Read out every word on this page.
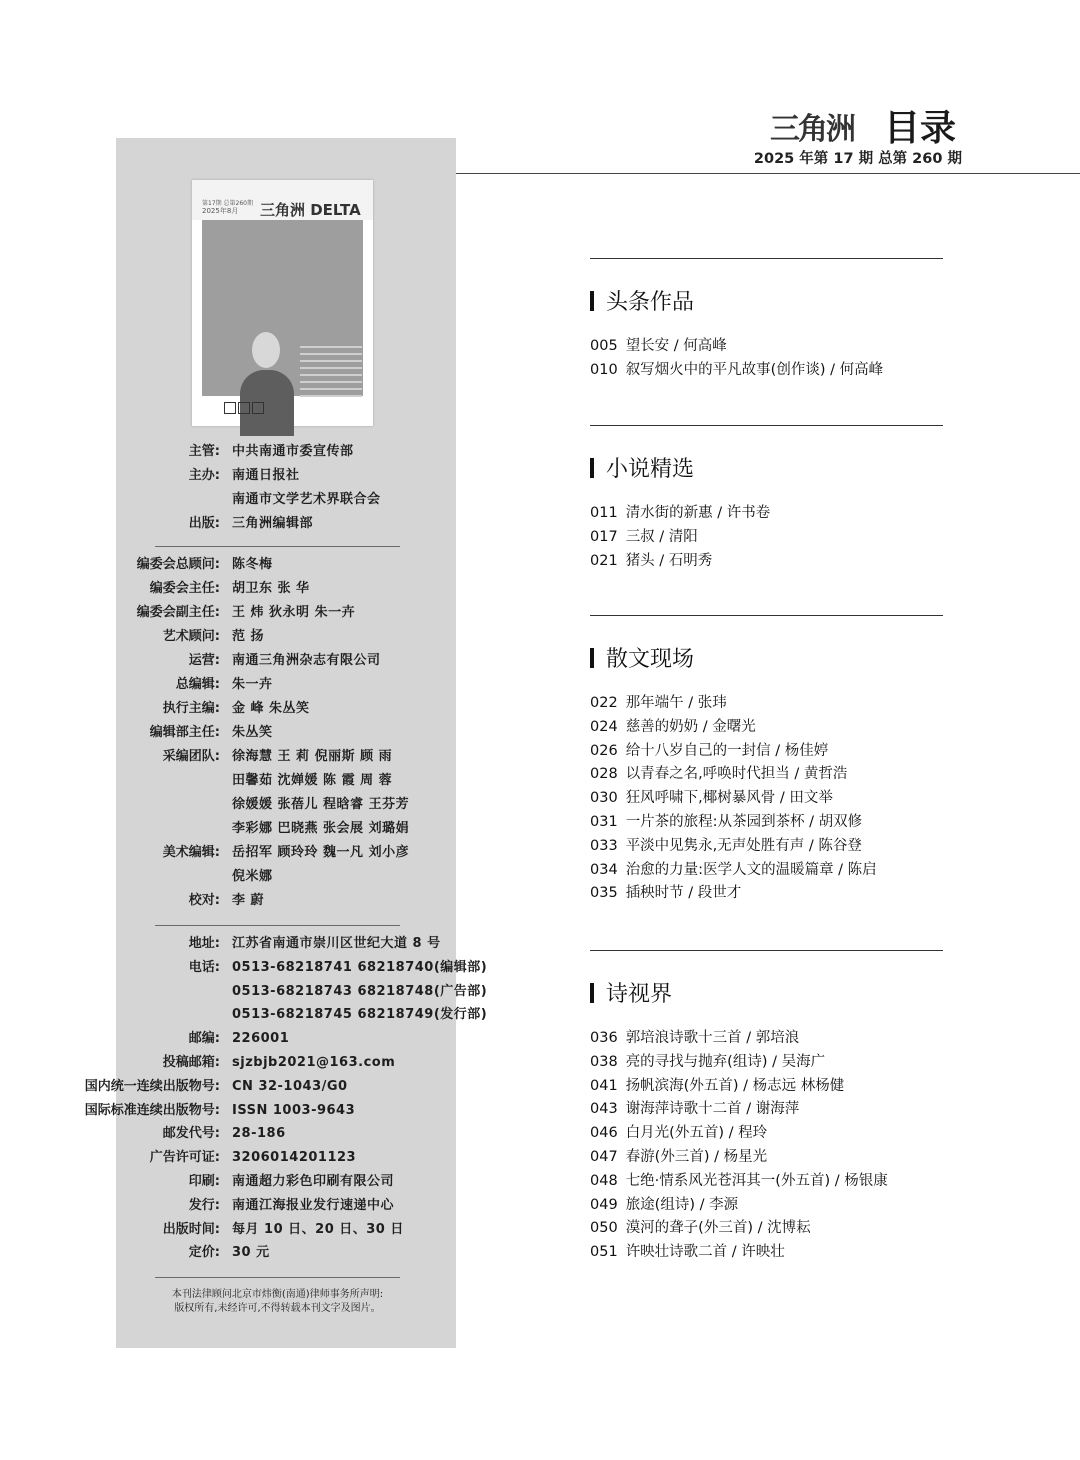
三角洲 目录
2025 年第 17 期 总第 260 期
第17期 总第260期
2025年8月 三角洲 DELTA
主管: 中共南通市委宣传部
主办: 南通日报社
南通市文学艺术界联合会
出版: 三角洲编辑部
编委会总顾问: 陈冬梅
编委会主任: 胡卫东 张 华
编委会副主任: 王 炜 狄永明 朱一卉
艺术顾问: 范 扬
运营: 南通三角洲杂志有限公司
总编辑: 朱一卉
执行主编: 金 峰 朱丛笑
编辑部主任: 朱丛笑
采编团队: 徐海慧 王 莉 倪丽斯 顾 雨
田馨茹 沈婵媛 陈 霞 周 蓉
徐媛媛 张蓓儿 程晗睿 王芬芳
李彩娜 巴晓燕 张会展 刘璐娟
美术编辑: 岳招军 顾玲玲 魏一凡 刘小彦
倪米娜
校对: 李 蔚
地址: 江苏省南通市崇川区世纪大道 8 号
电话: 0513-68218741 68218740(编辑部)
0513-68218743 68218748(广告部)
0513-68218745 68218749(发行部)
邮编: 226001
投稿邮箱: sjzbjb2021@163.com
国内统一连续出版物号: CN 32-1043/G0
国际标准连续出版物号: ISSN 1003-9643
邮发代号: 28-186
广告许可证: 3206014201123
印刷: 南通超力彩色印刷有限公司
发行: 南通江海报业发行速递中心
出版时间: 每月 10 日、20 日、30 日
定价: 30 元
本刊法律顾问北京市炜衡(南通)律师事务所声明:
版权所有,未经许可,不得转载本刊文字及图片。
头条作品
005 望长安 / 何高峰
010 叙写烟火中的平凡故事(创作谈) / 何高峰
小说精选
011 清水街的新惠 / 许书卷
017 三叔 / 清阳
021 猪头 / 石明秀
散文现场
022 那年端午 / 张玮
024 慈善的奶奶 / 金曙光
026 给十八岁自己的一封信 / 杨佳婷
028 以青春之名,呼唤时代担当 / 黄哲浩
030 狂风呼啸下,椰树暴风骨 / 田文举
031 一片茶的旅程:从茶园到茶杯 / 胡双修
033 平淡中见隽永,无声处胜有声 / 陈谷登
034 治愈的力量:医学人文的温暖篇章 / 陈启
035 插秧时节 / 段世才
诗视界
036 郭培浪诗歌十三首 / 郭培浪
038 亮的寻找与抛弃(组诗) / 吴海广
041 扬帆滨海(外五首) / 杨志远 林杨健
043 谢海萍诗歌十二首 / 谢海萍
046 白月光(外五首) / 程玲
047 春游(外三首) / 杨星光
048 七绝·情系风光苍洱其一(外五首) / 杨银康
049 旅途(组诗) / 李源
050 漠河的聋子(外三首) / 沈博耘
051 许映壮诗歌二首 / 许映壮
